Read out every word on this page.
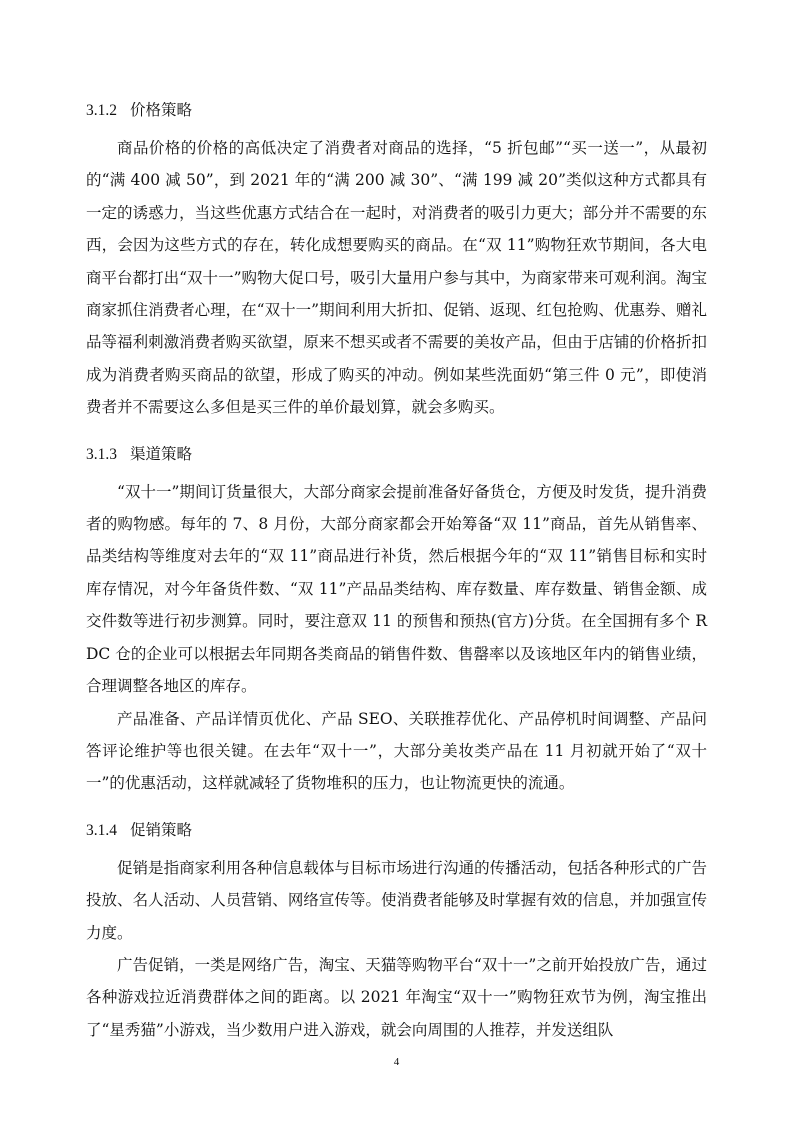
3.1.2 价格策略

商品价格的价格的高低决定了消费者对商品的选择，“5 折包邮”“买一送一”，从最初的“满 400 减 50”，到 2021 年的“满 200 减 30”、“满 199 减 20”类似这种方式都具有一定的诱惑力，当这些优惠方式结合在一起时，对消费者的吸引力更大；部分并不需要的东西，会因为这些方式的存在，转化成想要购买的商品。在“双 11”购物狂欢节期间，各大电商平台都打出“双十一”购物大促口号，吸引大量用户参与其中，为商家带来可观利润。淘宝商家抓住消费者心理，在“双十一”期间利用大折扣、促销、返现、红包抢购、优惠券、赠礼品等福利刺激消费者购买欲望，原来不想买或者不需要的美妆产品，但由于店铺的价格折扣成为消费者购买商品的欲望，形成了购买的冲动。例如某些洗面奶“第三件 0 元”，即使消费者并不需要这么多但是买三件的单价最划算，就会多购买。

3.1.3 渠道策略

“双十一”期间订货量很大，大部分商家会提前准备好备货仓，方便及时发货，提升消费者的购物感。每年的 7、8 月份，大部分商家都会开始筹备“双 11”商品，首先从销售率、品类结构等维度对去年的“双 11”商品进行补货，然后根据今年的“双 11”销售目标和实时库存情况，对今年备货件数、“双 11”产品品类结构、库存数量、库存数量、销售金额、成交件数等进行初步测算。同时，要注意双 11 的预售和预热(官方)分货。在全国拥有多个 RDC 仓的企业可以根据去年同期各类商品的销售件数、售罄率以及该地区年内的销售业绩，合理调整各地区的库存。

产品准备、产品详情页优化、产品 SEO、关联推荐优化、产品停机时间调整、产品问答评论维护等也很关键。在去年“双十一”，大部分美妆类产品在 11 月初就开始了“双十一”的优惠活动，这样就减轻了货物堆积的压力，也让物流更快的流通。

3.1.4 促销策略

促销是指商家利用各种信息载体与目标市场进行沟通的传播活动，包括各种形式的广告投放、名人活动、人员营销、网络宣传等。使消费者能够及时掌握有效的信息，并加强宣传力度。

广告促销，一类是网络广告，淘宝、天猫等购物平台“双十一”之前开始投放广告，通过各种游戏拉近消费群体之间的距离。以 2021 年淘宝“双十一”购物狂欢节为例，淘宝推出了“星秀猫”小游戏，当少数用户进入游戏，就会向周围的人推荐，并发送组队

4
